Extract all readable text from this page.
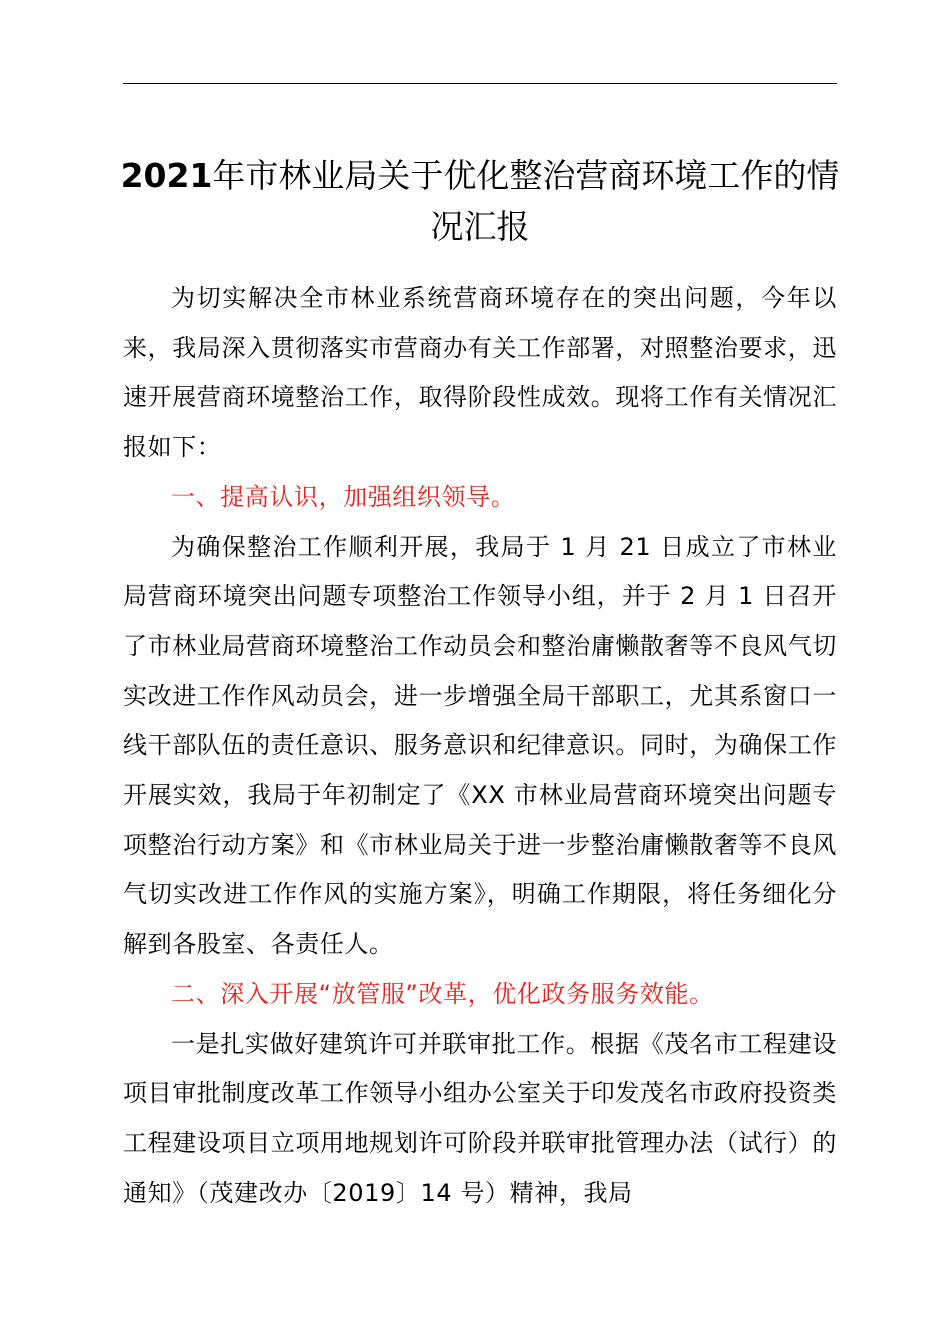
2021年市林业局关于优化整治营商环境工作的情况汇报

为切实解决全市林业系统营商环境存在的突出问题，今年以来，我局深入贯彻落实市营商办有关工作部署，对照整治要求，迅速开展营商环境整治工作，取得阶段性成效。现将工作有关情况汇报如下：

一、提高认识，加强组织领导。

为确保整治工作顺利开展，我局于 1 月 21 日成立了市林业局营商环境突出问题专项整治工作领导小组，并于 2 月 1 日召开了市林业局营商环境整治工作动员会和整治庸懒散奢等不良风气切实改进工作作风动员会，进一步增强全局干部职工，尤其系窗口一线干部队伍的责任意识、服务意识和纪律意识。同时，为确保工作开展实效，我局于年初制定了《XX 市林业局营商环境突出问题专项整治行动方案》和《市林业局关于进一步整治庸懒散奢等不良风气切实改进工作作风的实施方案》，明确工作期限，将任务细化分解到各股室、各责任人。

二、深入开展“放管服”改革，优化政务服务效能。

一是扎实做好建筑许可并联审批工作。根据《茂名市工程建设项目审批制度改革工作领导小组办公室关于印发茂名市政府投资类工程建设项目立项用地规划许可阶段并联审批管理办法（试行）的通知》（茂建改办〔2019〕14 号）精神，我局
